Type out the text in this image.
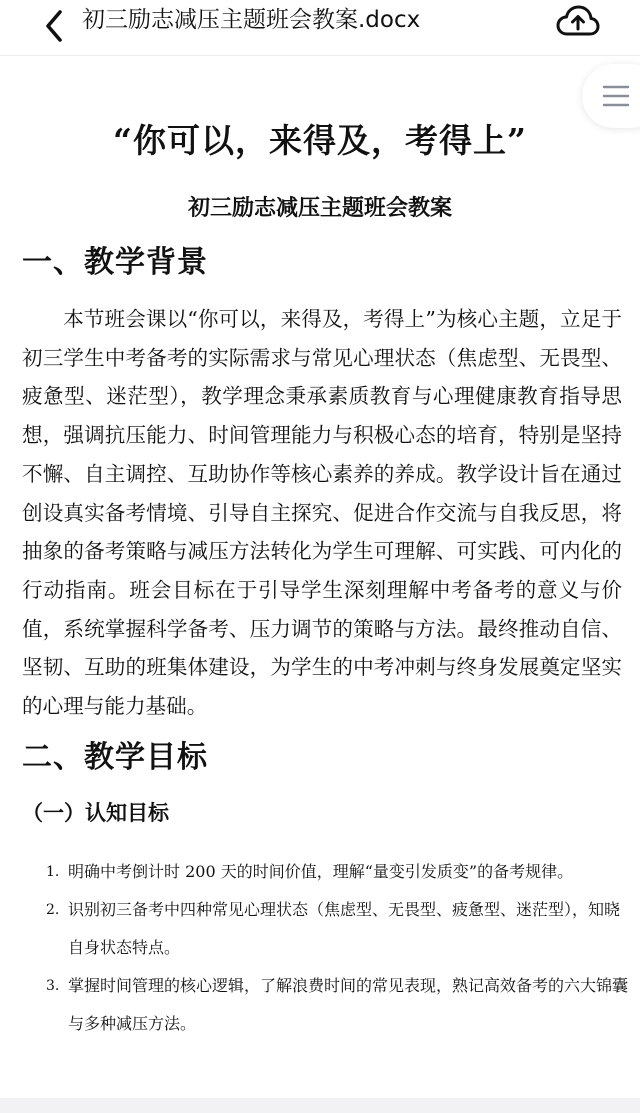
初三励志减压主题班会教案.docx
“你可以，来得及，考得上”
初三励志减压主题班会教案
一、教学背景
本节班会课以“你可以，来得及，考得上”为核心主题，立足于初三学生中考备考的实际需求与常见心理状态（焦虑型、无畏型、疲惫型、迷茫型），教学理念秉承素质教育与心理健康教育指导思想，强调抗压能力、时间管理能力与积极心态的培育，特别是坚持不懈、自主调控、互助协作等核心素养的养成。教学设计旨在通过创设真实备考情境、引导自主探究、促进合作交流与自我反思，将抽象的备考策略与减压方法转化为学生可理解、可实践、可内化的行动指南。班会目标在于引导学生深刻理解中考备考的意义与价值，系统掌握科学备考、压力调节的策略与方法。最终推动自信、坚韧、互助的班集体建设，为学生的中考冲刺与终身发展奠定坚实的心理与能力基础。
二、教学目标
（一）认知目标
1. 明确中考倒计时 200 天的时间价值，理解“量变引发质变”的备考规律。
2. 识别初三备考中四种常见心理状态（焦虑型、无畏型、疲惫型、迷茫型），知晓自身状态特点。
3. 掌握时间管理的核心逻辑，了解浪费时间的常见表现，熟记高效备考的六大锦囊与多种减压方法。
